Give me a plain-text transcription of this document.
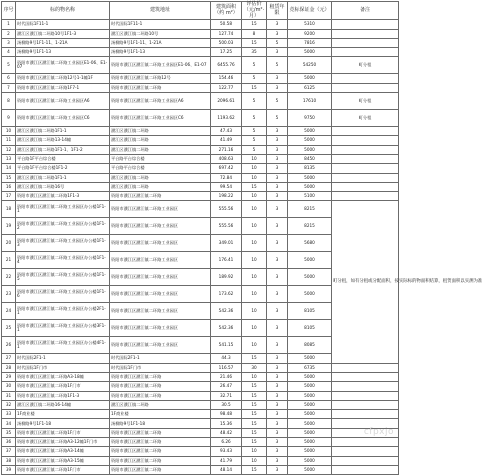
序号	标的物名称	建筑地址	建筑面积（约 m²）	评估价（元/m²·月）	租赁年限	竞标保证金（元）	备注
1	时代国际1F11-1	时代国际1F11-1	50.58	15	3	5310	
2	濮江区濮江镇二环路10号1F1-3	濮江区濮江镇二环路10号	127.74	8	3	9200	
3	汤柳路9号1F1-11、1-21A	汤柳路9号1F1-11、1-21A	500.03	15	5	7816	
4	汤柳路9号1F1-13	汤柳路9号1F1-13	17.25	35	3	5000	
5	资阳市濮江区濮江镇二环路工业园区E1-06、E1-07	资阳市濮江区濮江镇二环路工业园区E1-06、E1-07	6455.76	5	5	54250	町分租
6	资阳市濮江区濮江镇二环路12号1-1幢1F	资阳市濮江区濮江镇二环路12号	154.46	5	3	5000	
7	资阳市濮江区濮江镇二环路1F7-1	资阳市濮江区濮江镇二环路	122.77	15	3	6125	
8	资阳市濮江区濮江镇二环路工业园区A6	资阳市濮江区濮江镇二环路工业园区A6	2096.61	5	5	17610	町分租
9	资阳市濮江区濮江镇二环路工业园区C6	资阳市濮江区濮江镇二环路工业园区C6	1193.62	5	5	9750	町分租
10	濮江区濮江镇二环路1F1-1	濮江区濮江镇二环路	47.43	5	3	5000	
11	濮江区濮江镇二环路13-14幢	濮江区濮江镇二环路	41.49	5	3	5000	
12	濮江区濮江镇二环路1F1-1、1F1-2	濮江区濮江镇二环路	271.16	5	3	5000	
13	平台路1F平台综合楼	平台路平台综合楼	408.63	10	3	8450	
14	平台路1F平台综合楼1F1-2	平台路平台综合楼	697.42	10	3	8135	
15	濮江区濮江镇二环路1F1-1	濮江区濮江镇二环路	72.84	10	3	5000	
16	濮江区濮江镇二环路16号	濮江区濮江镇二环路	99.54	15	3	5000	
17	资阳市濮江区濮江镇二环路1F1-3	资阳市濮江区濮江镇二环路	198.22	10	3	5100	
18	资阳市濮江区濮江镇二环路工业园区办公楼1F1-1	资阳市濮江区濮江镇二环路工业园区	555.56	10	3	8215	町分租，如有分租或分配面积，按实际标的物面积结算，租赁面积以实测为准
19	资阳市濮江区濮江镇二环路工业园区办公楼1F1-2	资阳市濮江区濮江镇二环路工业园区	555.56	10	3	8215	
20	资阳市濮江区濮江镇二环路工业园区办公楼1F1-3	资阳市濮江区濮江镇二环路工业园区	349.01	10	3	5680	
21	资阳市濮江区濮江镇二环路工业园区办公楼1F1-4	资阳市濮江区濮江镇二环路工业园区	176.41	10	3	5000	
22	资阳市濮江区濮江镇二环路工业园区办公楼1F1-5	资阳市濮江区濮江镇二环路工业园区	189.92	10	3	5000	
23	资阳市濮江区濮江镇二环路工业园区办公楼1F1-6	资阳市濮江区濮江镇二环路工业园区	173.62	10	3	5000	
24	资阳市濮江区濮江镇二环路工业园区办公楼2F1-1	资阳市濮江区濮江镇二环路工业园区	542.36	10	3	8105	
25	资阳市濮江区濮江镇二环路工业园区办公楼3F1-1	资阳市濮江区濮江镇二环路工业园区	542.36	10	3	8105	
26	资阳市濮江区濮江镇二环路工业园区办公楼4F1-1	资阳市濮江区濮江镇二环路工业园区	541.15	10	3	8085	
27	时代国际2F1-1	时代国际2F1-1	44.3	15	3	5000	
28	时代国际1F门市	时代国际1F门市	116.57	30	3	6735	
29	资阳市濮江区濮江镇二环路A3-18幢	资阳市濮江区濮江镇二环路	21.46	10	3	5000	
30	资阳市濮江区濮江镇二环路1F门市	资阳市濮江区濮江镇二环路	26.47	15	3	5000	
31	资阳市濮江区濮江镇二环路1F1-3	资阳市濮江区濮江镇二环路	32.71	15	3	5000	
32	濮江区濮江镇二环路16-14幢	濮江区濮江镇二环路	30.5	15	3	5000	
33	1F商业楼	1F商业楼	98.48	15	3	5000	
34	汤柳路9号1F1-18	汤柳路9号1F1-18	15.36	15	3	5000	
35	资阳市濮江区濮江镇二环路1F门市	资阳市濮江区濮江镇二环路	48.42	15	3	5000	
36	资阳市濮江区濮江镇二环路A3-12幢1F门市	资阳市濮江区濮江镇二环路	6.26	15	3	5000	
37	资阳市濮江区濮江镇二环路A3-14幢	资阳市濮江区濮江镇二环路	93.43	10	3	5000	
38	资阳市濮江区濮江镇二环路A3-15幢	资阳市濮江区濮江镇二环路	41.79	10	3	5000	
39	资阳市濮江区濮江镇二环路1F门市	资阳市濮江区濮江镇二环路	48.14	15	3	5000	
cfpxjo
